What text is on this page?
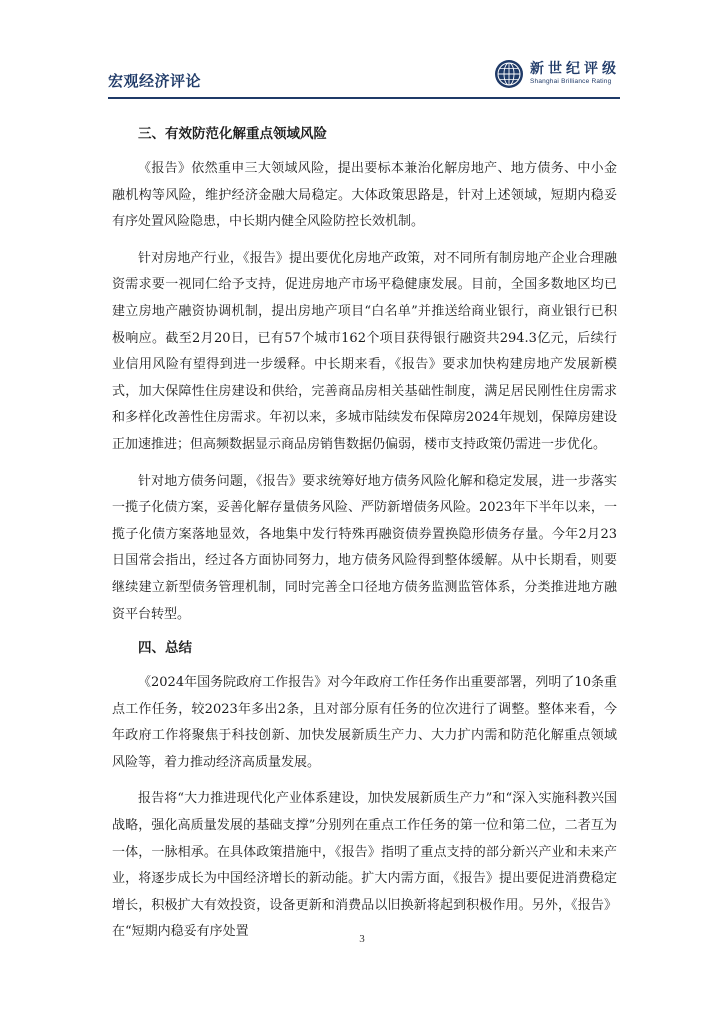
宏观经济评论
新世纪评级
Shanghai Brilliance Rating
三、有效防范化解重点领域风险

《报告》依然重申三大领域风险，提出要标本兼治化解房地产、地方债务、中小金融机构等风险，维护经济金融大局稳定。大体政策思路是，针对上述领域，短期内稳妥有序处置风险隐患，中长期内健全风险防控长效机制。

针对房地产行业，《报告》提出要优化房地产政策，对不同所有制房地产企业合理融资需求要一视同仁给予支持，促进房地产市场平稳健康发展。目前，全国多数地区均已建立房地产融资协调机制，提出房地产项目“白名单”并推送给商业银行，商业银行已积极响应。截至2月20日，已有57个城市162个项目获得银行融资共294.3亿元，后续行业信用风险有望得到进一步缓释。中长期来看，《报告》要求加快构建房地产发展新模式，加大保障性住房建设和供给，完善商品房相关基础性制度，满足居民刚性住房需求和多样化改善性住房需求。年初以来，多城市陆续发布保障房2024年规划，保障房建设正加速推进；但高频数据显示商品房销售数据仍偏弱，楼市支持政策仍需进一步优化。

针对地方债务问题，《报告》要求统筹好地方债务风险化解和稳定发展，进一步落实一揽子化债方案，妥善化解存量债务风险、严防新增债务风险。2023年下半年以来，一揽子化债方案落地显效，各地集中发行特殊再融资债券置换隐形债务存量。今年2月23日国常会指出，经过各方面协同努力，地方债务风险得到整体缓解。从中长期看，则要继续建立新型债务管理机制，同时完善全口径地方债务监测监管体系，分类推进地方融资平台转型。

四、总结

《2024年国务院政府工作报告》对今年政府工作任务作出重要部署，列明了10条重点工作任务，较2023年多出2条，且对部分原有任务的位次进行了调整。整体来看，今年政府工作将聚焦于科技创新、加快发展新质生产力、大力扩内需和防范化解重点领域风险等，着力推动经济高质量发展。

报告将“大力推进现代化产业体系建设，加快发展新质生产力”和“深入实施科教兴国战略，强化高质量发展的基础支撑”分别列在重点工作任务的第一位和第二位，二者互为一体，一脉相承。在具体政策措施中，《报告》指明了重点支持的部分新兴产业和未来产业，将逐步成长为中国经济增长的新动能。扩大内需方面，《报告》提出要促进消费稳定增长，积极扩大有效投资，设备更新和消费品以旧换新将起到积极作用。另外，《报告》在“短期内稳妥有序处置	3
